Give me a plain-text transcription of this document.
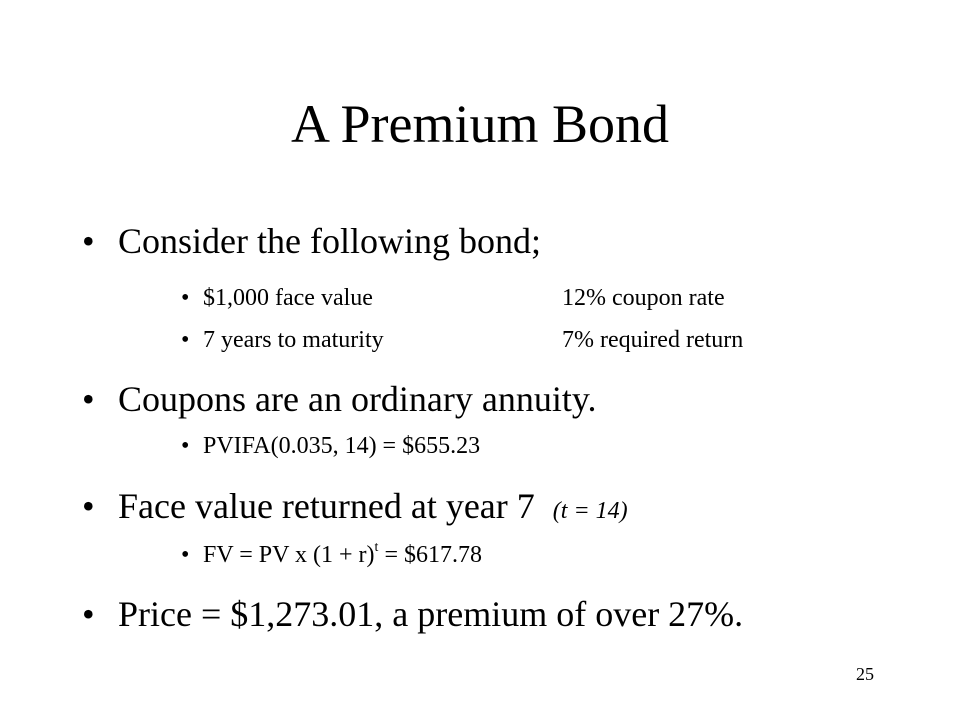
A Premium Bond
• Consider the following bond;
• $1,000 face value	12% coupon rate
• 7 years to maturity	7% required return
• Coupons are an ordinary annuity.
• PVIFA(0.035, 14) = $655.23
• Face value returned at year 7 (t = 14)
• FV = PV x $(1 + r)^t$ = $617.78
• Price = $1,273.01, a premium of over 27%.
25
